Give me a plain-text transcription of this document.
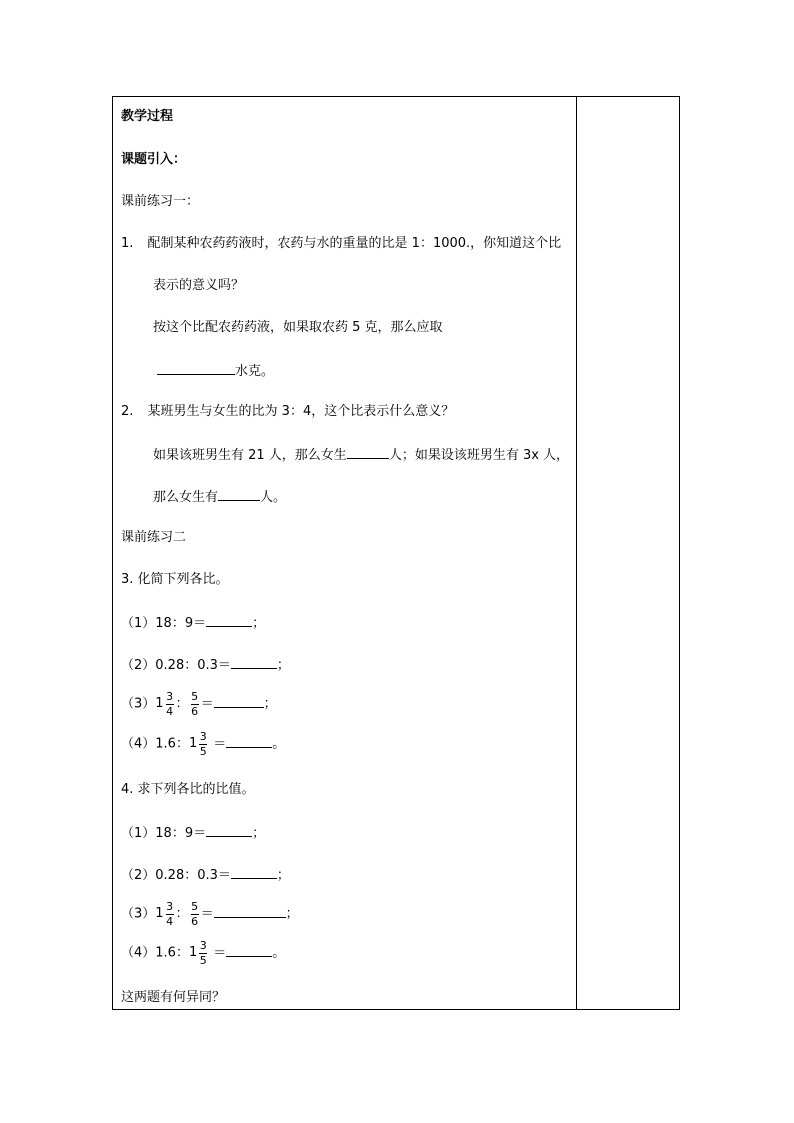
教学过程
课题引入：
课前练习一：
1. 配制某种农药药液时，农药与水的重量的比是 1：1000.，你知道这个比
表示的意义吗？
按这个比配农药药液，如果取农药 5 克，那么应取
水克。
2. 某班男生与女生的比为 3：4，这个比表示什么意义？
如果该班男生有 21 人，那么女生	人；如果设该班男生有 3x 人，
那么女生有	人。
课前练习二
3. 化简下列各比。
（1）18：9＝	；
（2）0.28：0.3＝	；
（3） $1 \frac{3}{4}$ ： $\frac{5}{6}$ ＝	；
（4）1.6： $1 \frac{3}{5}$ ＝	。
4. 求下列各比的比值。
（1）18：9＝	；
（2）0.28：0.3＝	；
（3） $1 \frac{3}{4}$ ： $\frac{5}{6}$ ＝	；
（4）1.6： $1 \frac{3}{5}$ ＝	。
这两题有何异同？
